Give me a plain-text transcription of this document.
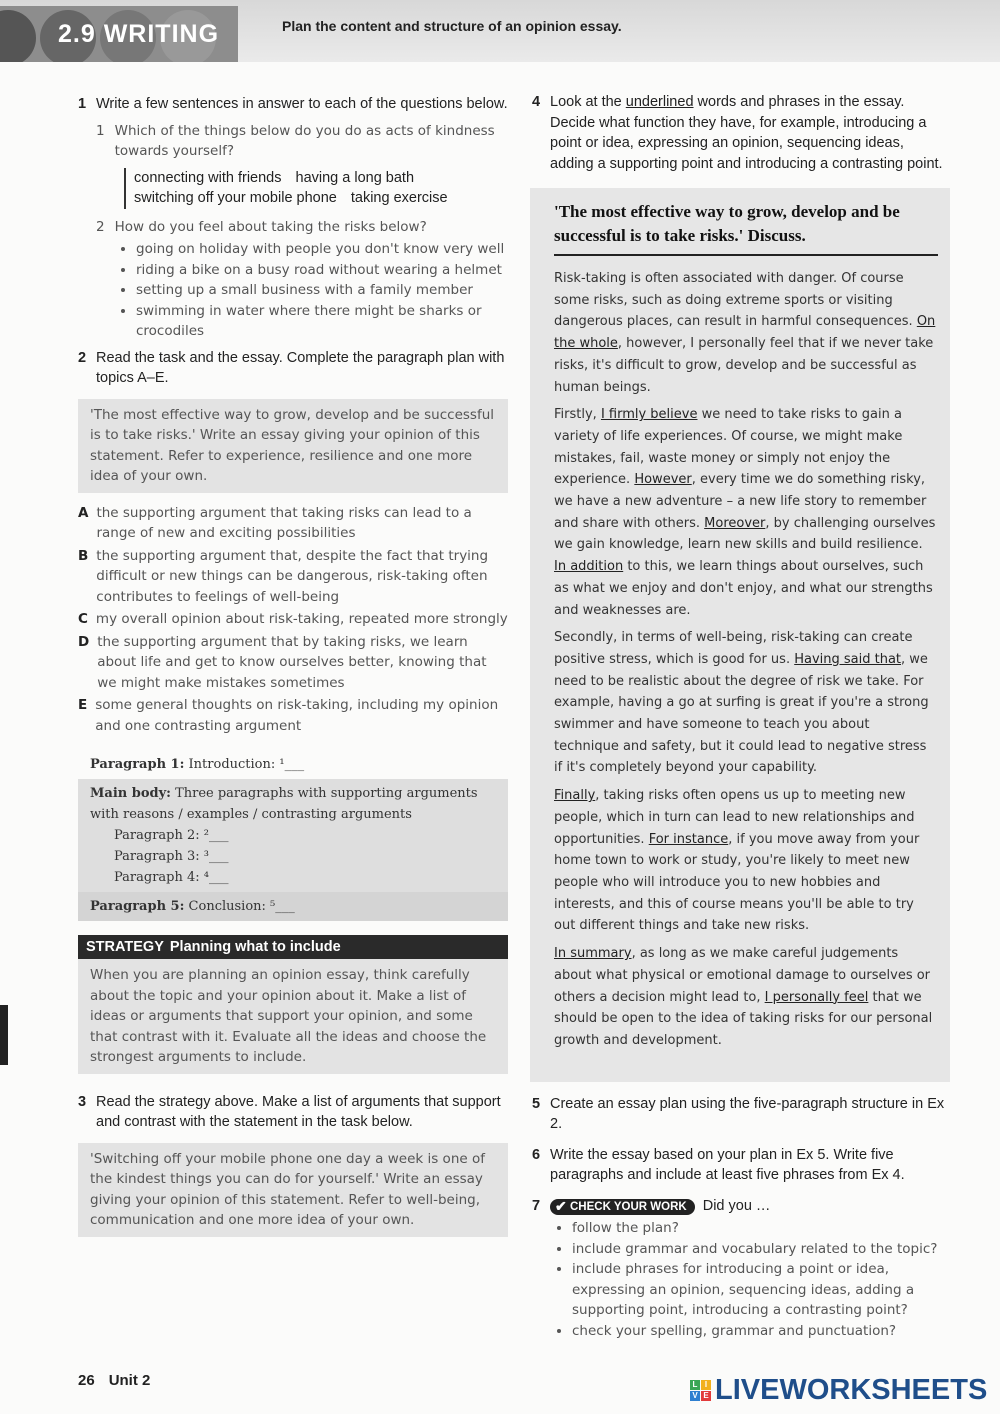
2.9 WRITING	Plan the content and structure of an opinion essay.
1 Write a few sentences in answer to each of the questions below.
1 Which of the things below do you do as acts of kindness towards yourself?
connecting with friends having a long bath
switching off your mobile phone taking exercise
2 How do you feel about taking the risks below?
• going on holiday with people you don't know very well
• riding a bike on a busy road without wearing a helmet
• setting up a small business with a family member
• swimming in water where there might be sharks or crocodiles
2 Read the task and the essay. Complete the paragraph plan with topics A–E.
'The most effective way to grow, develop and be successful is to take risks.' Write an essay giving your opinion of this statement. Refer to experience, resilience and one more idea of your own.
A the supporting argument that taking risks can lead to a range of new and exciting possibilities
B the supporting argument that, despite the fact that trying difficult or new things can be dangerous, risk-taking often contributes to feelings of well-being
C my overall opinion about risk-taking, repeated more strongly
D the supporting argument that by taking risks, we learn about life and get to know ourselves better, knowing that we might make mistakes sometimes
E some general thoughts on risk-taking, including my opinion and one contrasting argument
Paragraph 1: Introduction: ¹___
Main body: Three paragraphs with supporting arguments with reasons / examples / contrasting arguments
Paragraph 2: ²___
Paragraph 3: ³___
Paragraph 4: ⁴___
Paragraph 5: Conclusion: ⁵___
STRATEGY Planning what to include
When you are planning an opinion essay, think carefully about the topic and your opinion about it. Make a list of ideas or arguments that support your opinion, and some that contrast with it. Evaluate all the ideas and choose the strongest arguments to include.
3 Read the strategy above. Make a list of arguments that support and contrast with the statement in the task below.
'Switching off your mobile phone one day a week is one of the kindest things you can do for yourself.' Write an essay giving your opinion of this statement. Refer to well-being, communication and one more idea of your own.
4 Look at the underlined words and phrases in the essay. Decide what function they have, for example, introducing a point or idea, expressing an opinion, sequencing ideas, adding a supporting point and introducing a contrasting point.
'The most effective way to grow, develop and be successful is to take risks.' Discuss.
Risk-taking is often associated with danger. Of course some risks, such as doing extreme sports or visiting dangerous places, can result in harmful consequences. On the whole, however, I personally feel that if we never take risks, it's difficult to grow, develop and be successful as human beings.
Firstly, I firmly believe we need to take risks to gain a variety of life experiences. Of course, we might make mistakes, fail, waste money or simply not enjoy the experience. However, every time we do something risky, we have a new adventure – a new life story to remember and share with others. Moreover, by challenging ourselves we gain knowledge, learn new skills and build resilience. In addition to this, we learn things about ourselves, such as what we enjoy and don't enjoy, and what our strengths and weaknesses are.
Secondly, in terms of well-being, risk-taking can create positive stress, which is good for us. Having said that, we need to be realistic about the degree of risk we take. For example, having a go at surfing is great if you're a strong swimmer and have someone to teach you about technique and safety, but it could lead to negative stress if it's completely beyond your capability.
Finally, taking risks often opens us up to meeting new people, which in turn can lead to new relationships and opportunities. For instance, if you move away from your home town to work or study, you're likely to meet new people who will introduce you to new hobbies and interests, and this of course means you'll be able to try out different things and take new risks.
In summary, as long as we make careful judgements about what physical or emotional damage to ourselves or others a decision might lead to, I personally feel that we should be open to the idea of taking risks for our personal growth and development.
5 Create an essay plan using the five-paragraph structure in Ex 2.
6 Write the essay based on your plan in Ex 5. Write five paragraphs and include at least five phrases from Ex 4.
7 ✔ CHECK YOUR WORK Did you …
• follow the plan?
• include grammar and vocabulary related to the topic?
• include phrases for introducing a point or idea, expressing an opinion, sequencing ideas, adding a supporting point, introducing a contrasting point?
• check your spelling, grammar and punctuation?
26 Unit 2	L I
V E LIVEWORKSHEETS
